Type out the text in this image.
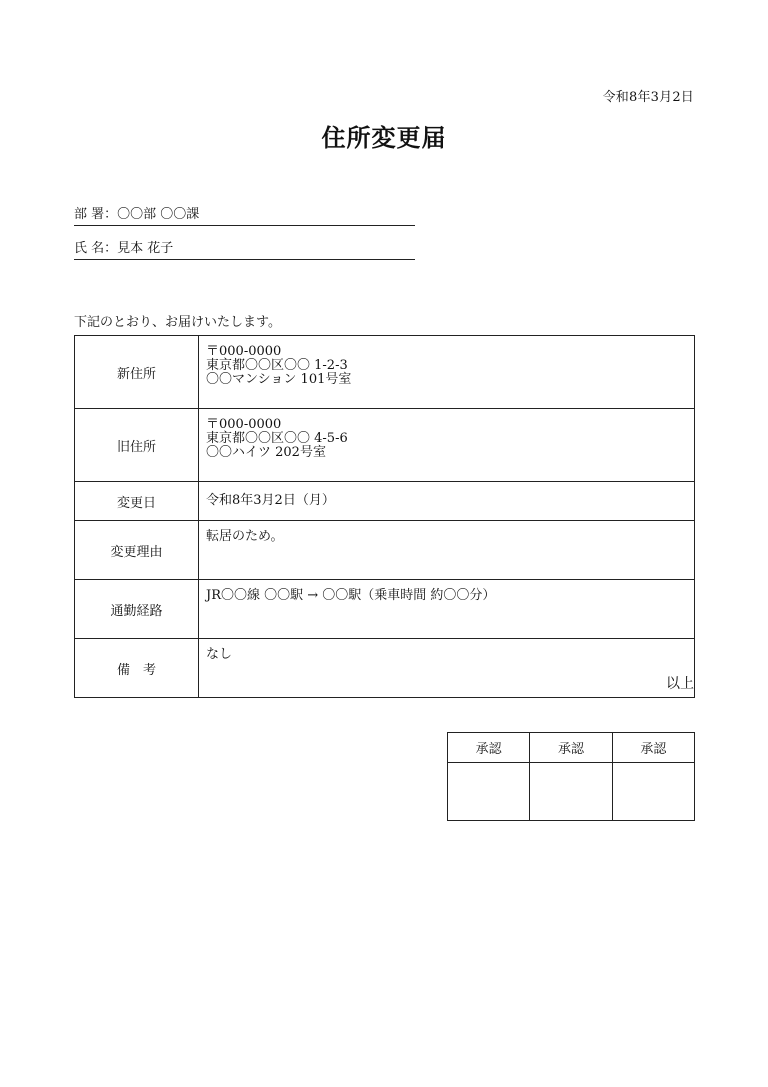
令和8年3月2日
住所変更届
部 署：〇〇部 〇〇課
氏 名：見本 花子
下記のとおり、お届けいたします。
新住所	〒000-0000
東京都〇〇区〇〇 1-2-3
〇〇マンション 101号室

旧住所	〒000-0000
東京都〇〇区〇〇 4-5-6
〇〇ハイツ 202号室

変更日	令和8年3月2日（月）
変更理由	転居のため。
通勤経路	JR〇〇線 〇〇駅 → 〇〇駅（乗車時間 約〇〇分）
備　考	なし
以上
承認	承認	承認
